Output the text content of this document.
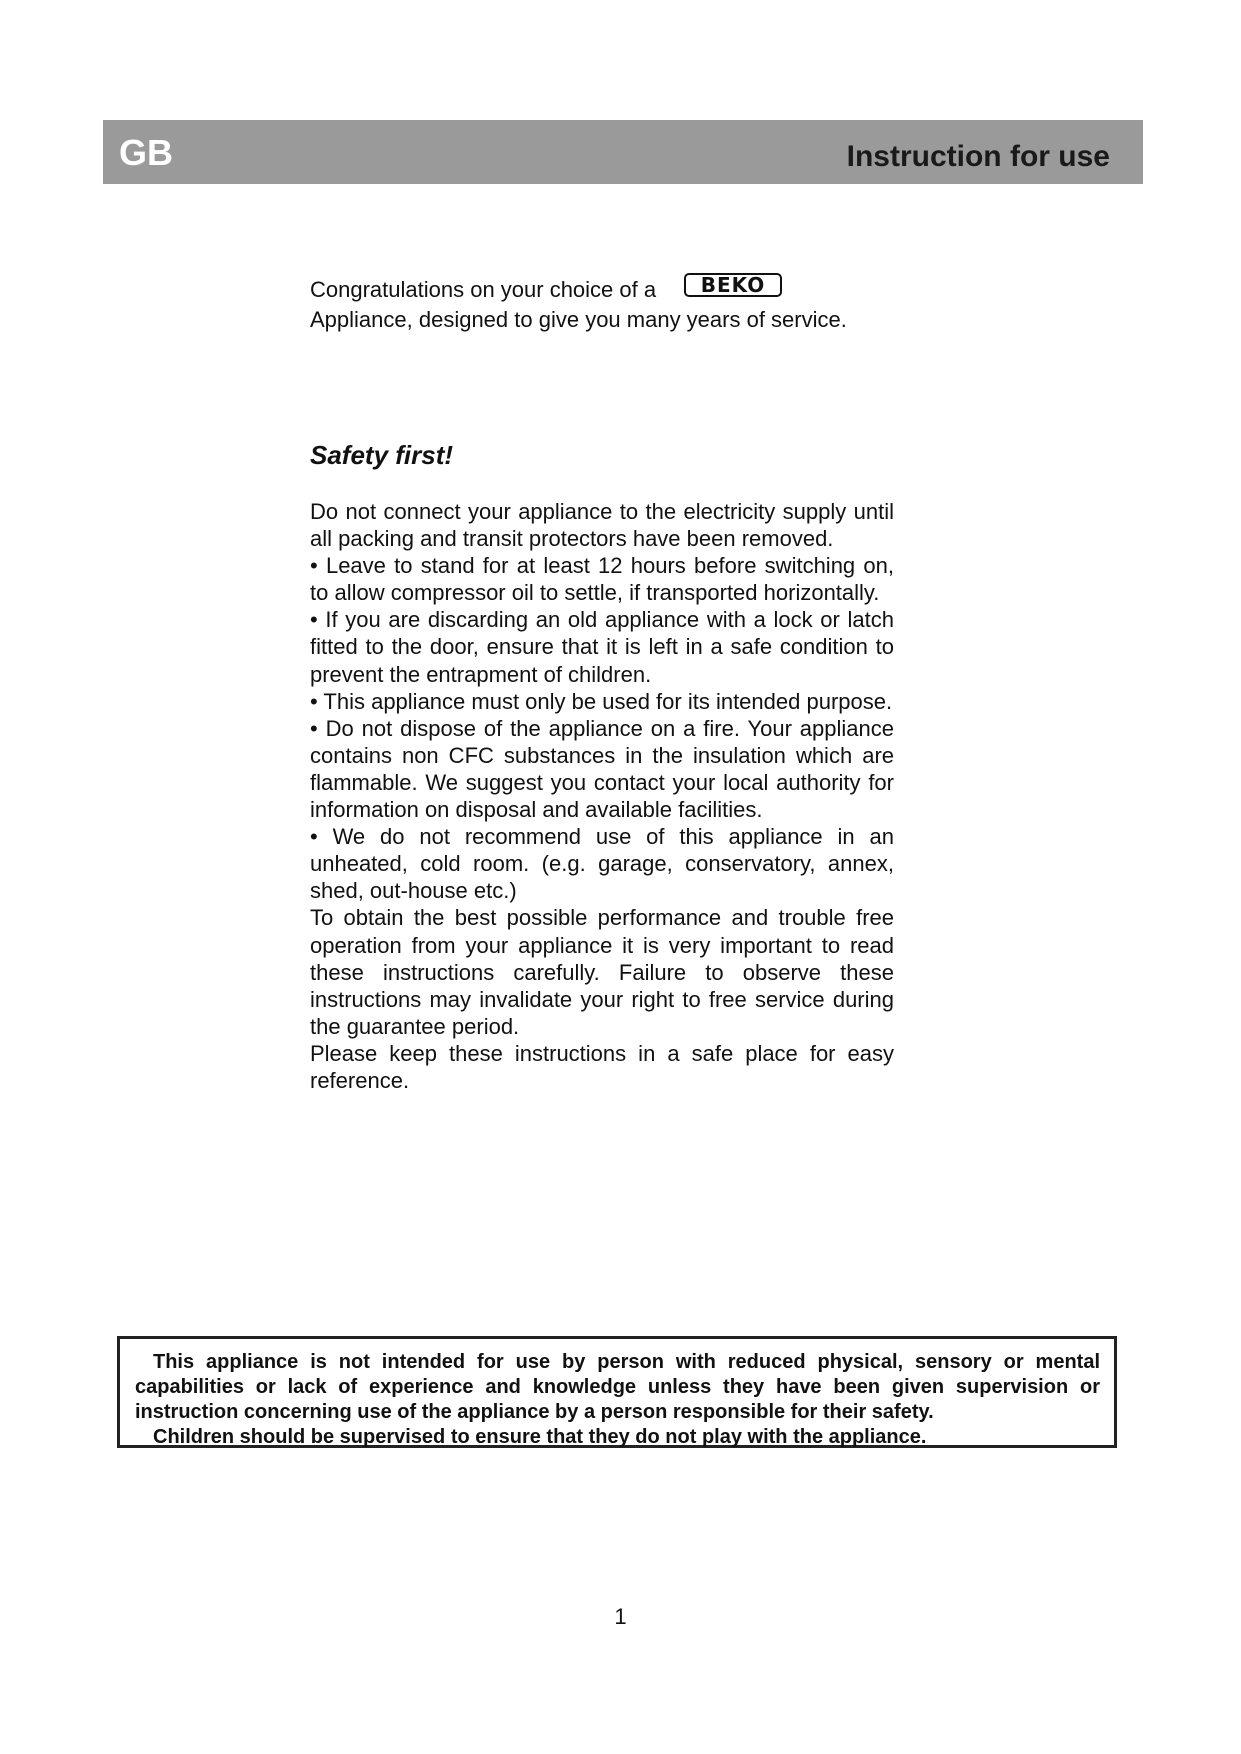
GB	Instruction for use
Congratulations on your choice of a BEKO
Appliance, designed to give you many years of service.
Safety first!

Do not connect your appliance to the electricity supply until all packing and transit protectors have been removed.

• Leave to stand for at least 12 hours before switching on, to allow compressor oil to settle, if transported horizontally.

• If you are discarding an old appliance with a lock or latch fitted to the door, ensure that it is left in a safe condition to prevent the entrapment of children.

• This appliance must only be used for its intended purpose.

• Do not dispose of the appliance on a fire. Your appliance contains non CFC substances in the insulation which are flammable. We suggest you contact your local authority for information on disposal and available facilities.

• We do not recommend use of this appliance in an unheated, cold room. (e.g. garage, conservatory, annex, shed, out-house etc.)

To obtain the best possible performance and trouble free operation from your appliance it is very important to read these instructions carefully. Failure to observe these instructions may invalidate your right to free service during the guarantee period.

Please keep these instructions in a safe place for easy reference.

This appliance is not intended for use by person with reduced physical, sensory or mental capabilities or lack of experience and knowledge unless they have been given supervision or instruction concerning use of the appliance by a person responsible for their safety.

Children should be supervised to ensure that they do not play with the appliance.

1
